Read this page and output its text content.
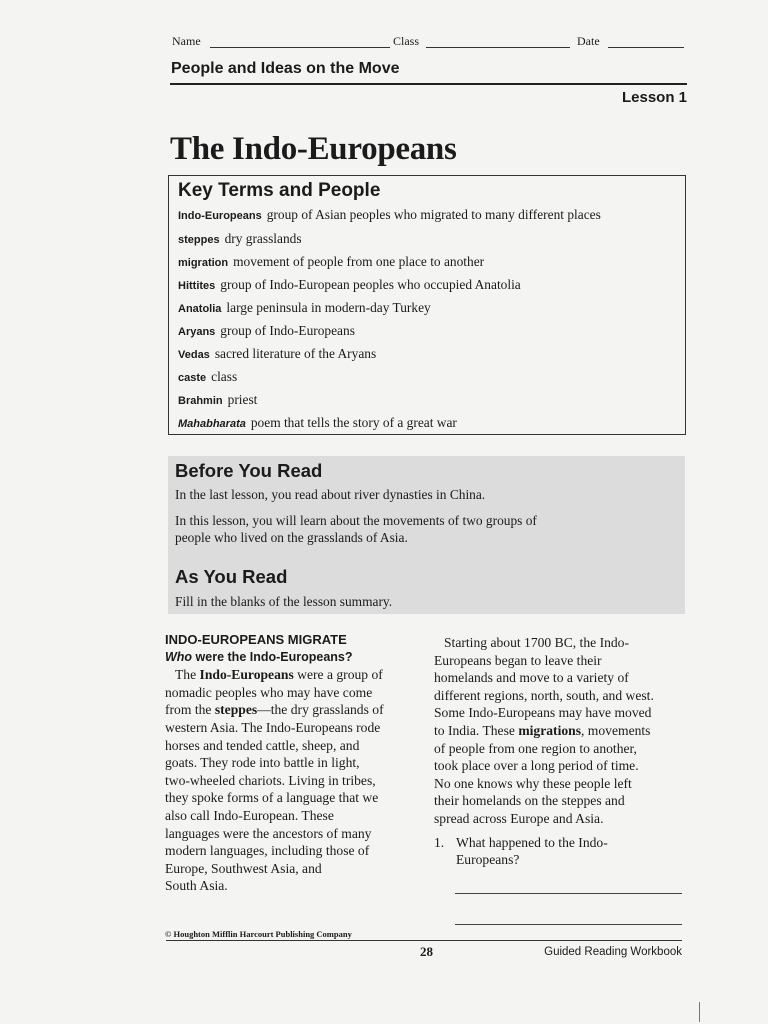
Name	Class	Date
People and Ideas on the Move
Lesson 1
The Indo-Europeans
Key Terms and People
Indo-Europeans group of Asian peoples who migrated to many different places
steppes dry grasslands
migration movement of people from one place to another
Hittites group of Indo-European peoples who occupied Anatolia
Anatolia large peninsula in modern-day Turkey
Aryans group of Indo-Europeans
Vedas sacred literature of the Aryans
caste class
Brahmin priest
Mahabharata poem that tells the story of a great war
Before You Read
In the last lesson, you read about river dynasties in China.
In this lesson, you will learn about the movements of two groups of
people who lived on the grasslands of Asia.
As You Read
Fill in the blanks of the lesson summary.

INDO-EUROPEANS MIGRATE

Who were the Indo-Europeans?

The Indo-Europeans were a group of

nomadic peoples who may have come

from the steppes—the dry grasslands of

western Asia. The Indo-Europeans rode

horses and tended cattle, sheep, and

goats. They rode into battle in light,

two-wheeled chariots. Living in tribes,

they spoke forms of a language that we

also call Indo-European. These

languages were the ancestors of many

modern languages, including those of

Europe, Southwest Asia, and

South Asia.

Starting about 1700 BC, the Indo-

Europeans began to leave their

homelands and move to a variety of

different regions, north, south, and west.

Some Indo-Europeans may have moved

to India. These migrations, movements

of people from one region to another,

took place over a long period of time.

No one knows why these people left

their homelands on the steppes and

spread across Europe and Asia.

1. What happened to the Indo-

Europeans?

© Houghton Mifflin Harcourt Publishing Company
28	Guided Reading Workbook
